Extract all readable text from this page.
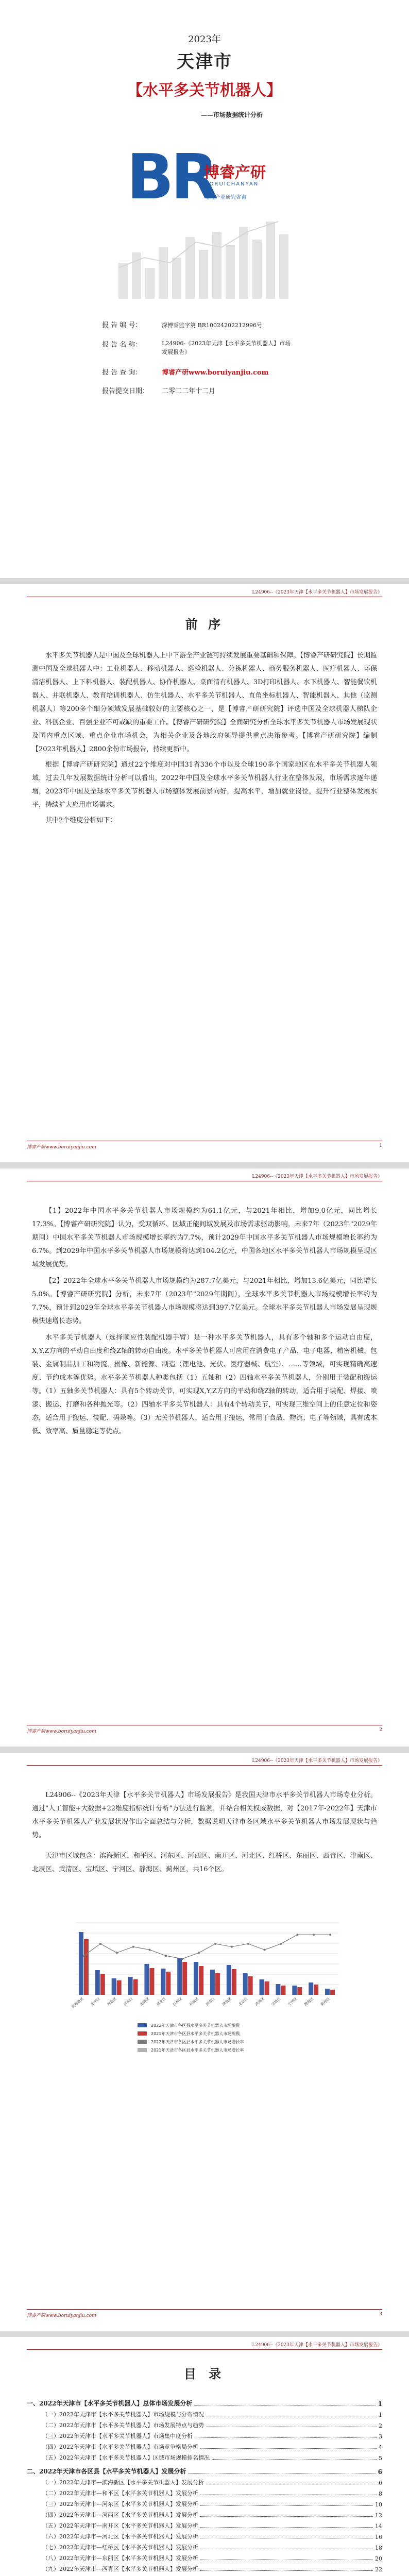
2023年
天津市
【水平多关节机器人】
——市场数据统计分析
BR
博睿产研
BORUICHANYAN
专注产业研究咨询
报 告 编 号：	深博睿监字第 BR10024202212996号
报 告 名 称：	L24906-《2023年天津【水平多关节机器人】市场发展报告》
报 告 查 询：	博睿产研www.boruiyanjiu.com
报告提交日期： 二零二二年十二月
L24906--《2023年天津【水平多关节机器人】市场发展报告》
前 序

水平多关节机器人是中国及全球机器人上中下游全产业链可持续发展重要基础和保障。【博睿产研研究院】长期监测中国及全球机器人中：工业机器人、移动机器人、巡检机器人、分拣机器人、商务服务机器人、医疗机器人、环保清洁机器人、上下料机器人、装配机器人、协作机器人、桌面清有机器人、3D打印机器人、水下机器人、智能餐饮机器人、并联机器人、教育培训机器人、仿生机器人、水平多关节机器人、直角坐标机器人、智能机器人、其他（监测机器人）等200多个细分领域发展基础较好的主要核心之一，是【博睿产研研究院】评选中国及全球机器人梯队企业、科创企业、百强企业不可或缺的重要工作。【博睿产研研究院】全面研究分析全球水平多关节机器人市场发展现状及国内重点区域、重点企业市场机会，为相关企业及各地政府领导提供重点决策参考。【博睿产研研究院】编制【2023年机器人】2800余份市场报告，持续更新中。

根据【博睿产研研究院】通过22个维度对中国31省336个市以及全球190多个国家地区在水平多关节机器人领域，过去几年发展数据统计分析可以看出，2022年中国及全球水平多关节机器人行业在整体发展，市场需求逐年递增，2023年中国及全球水平多关节机器人市场整体发展前景向好，提高水平，增加就业岗位，提升行业整体发展水平，持续扩大应用市场需求。

其中2个维度分析如下：

博睿产研www.boruiyanjiu.com	1
L24906--《2023年天津【水平多关节机器人】市场发展报告》

【1】2022年中国水平多关节机器人市场规模约为61.1亿元，与2021年相比，增加9.0亿元，同比增长17.3%。【博睿产研研究院】认为，受双循环、区域正能间域发展及市场需求驱动影响，未来7年（2023年"2029年期间）中国水平多关节机器人市场规模增长率约为7.7%，预计2029年中国水平多关节机器人市场规模增长率约为6.7%。到2029年中国水平多关节机器人市场规模将达到104.2亿元，中国各地区水平多关节机器人市场规模呈现区域发展优势。

【2】2022年全球水平多关节机器人市场规模约为287.7亿美元，与2021年相比，增加13.6亿美元，同比增长5.0%。【博睿产研研究院】分析，未来7年（2023年"2029年期间），全球水平多关节机器人市场规模增长率约为7.7%，预计到2029年全球水平多关节机器人市场规模将达到397.7亿美元。全球水平多关节机器人市场发展呈现规模快速增长态势。

水平多关节机器人（选择顺应性装配机器手臂）是一种水平多关节机器人，具有多个轴和多个运动自由度，X,Y,Z方向的平动自由度和绕Z轴的转动自由度。水平多关节机器人可应用在消费电子产品、电子电器、精密机械、包装、金属制品加工和物流、摄像、新能源、制造（锂电池、光伏、医疗器械、航空）、……等领域，可实现精确高速度、节约成本等优势。水平多关节机器人种类包括（1）五轴和（2）四轴水平多关节机器人，分别用于装配和搬运等。（1）五轴多关节机器人：具有5个转动关节，可实现X,Y,Z方向的平动和绕Z轴的转动，适合用于装配、焊接、喷漆、搬运、打磨和各种抛光等。（2）四轴水平多关节机器人：具有4个转动关节，可实现三维空间上的任意定位和姿态，适合用于搬运、装配、码垛等。（3）无关节机器人，适合用于搬运，常用于食品、物流、电子等领域，具有成本低、效率高、质量稳定等优点。

博睿产研www.boruiyanjiu.com	2
L24906--《2023年天津【水平多关节机器人】市场发展报告》

L24906--《2023年天津【水平多关节机器人】市场发展报告》是我国天津市水平多关节机器人市场专业分析。通过"人工智能+大数据+22维度指标统计分析"方法进行监测，并结合相关权威数据，对【2017年-2022年】天津市水平多关节机器人产业发展状况作出全面总结与分析，数据说明天津市各区域水平多关节机器人市场发展现状与趋势。

天津市区域包含：滨海新区、和平区、河东区、河西区、南开区、河北区、红桥区、东丽区、西青区、津南区、北辰区、武清区、宝坻区、宁河区、静海区、蓟州区，共16个区。

滨海新区 和平区 河东区 河西区 南开区 河北区 红桥区 东丽区 西青区 津南区 北辰区 武清区 宝坻区 宁河区 静海区 蓟州区
2022年天津市各区县水平多关节机器人市场规模
2021年天津市各区县水平多关节机器人市场规模
2022年天津市各区县水平多关节机器人市场增长率
2021年天津市各区县水平多关节机器人市场增长率
博睿产研www.boruiyanjiu.com	3
L24906--《2023年天津【水平多关节机器人】市场发展报告》
目 录
一、2022年天津市【水平多关节机器人】总体市场发展分析	1
（一）2022年天津市【水平多关节机器人】市场规模与分布情况	1
（二）2022年天津市【水平多关节机器人】市场发展特点与趋势	2
（三）2022年天津市【水平多关节机器人】市场集中度分析	3
（四）2022年天津市【水平多关节机器人】市场竞争格局分析	4
（五）2022年天津市【水平多关节机器人】区域市场规模排名情况	5
二、2022年天津市各区县【水平多关节机器人】发展分析	6
（一）2022年天津市—滨海新区【水平多关节机器人】发展分析	6
（二）2022年天津市—和平区【水平多关节机器人】发展分析	8
（三）2022年天津市—河东区【水平多关节机器人】发展分析	10
（四）2022年天津市—河西区【水平多关节机器人】发展分析	12
（五）2022年天津市—南开区【水平多关节机器人】发展分析	14
（六）2022年天津市—河北区【水平多关节机器人】发展分析	16
（七）2022年天津市—红桥区【水平多关节机器人】发展分析	18
（八）2022年天津市—东丽区【水平多关节机器人】发展分析	20
（九）2022年天津市—西青区【水平多关节机器人】发展分析	22
